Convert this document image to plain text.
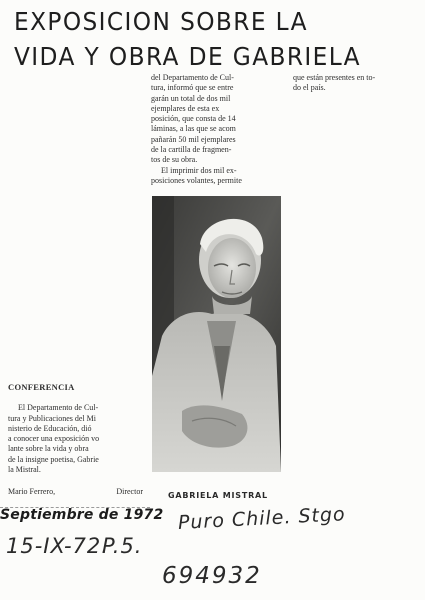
EXPOSICION SOBRE LA
VIDA Y OBRA DE GABRIELA

del Departamento de Cul-

tura, informó que se entre

garán un total de dos mil

ejemplares de esta ex

posición, que consta de 14

láminas, a las que se acom

pañarán 50 mil ejemplares

de la cartilla de fragmen-

tos de su obra.

El imprimir dos mil ex-

posiciones volantes, permite

que están presentes en to-

do el país.

GABRIELA MISTRAL
CONFERENCIA

El Departamento de Cul-

tura y Publicaciones del Mi

nisterio de Educación, dió

a conocer una exposición vo

lante sobre la vida y obra

de la insigne poetisa, Gabrie

la Mistral.

Mario Ferrero,	Director
Septiembre de 1972 Puro Chile. Stgo
15-IX-72.
P.5.
694932
